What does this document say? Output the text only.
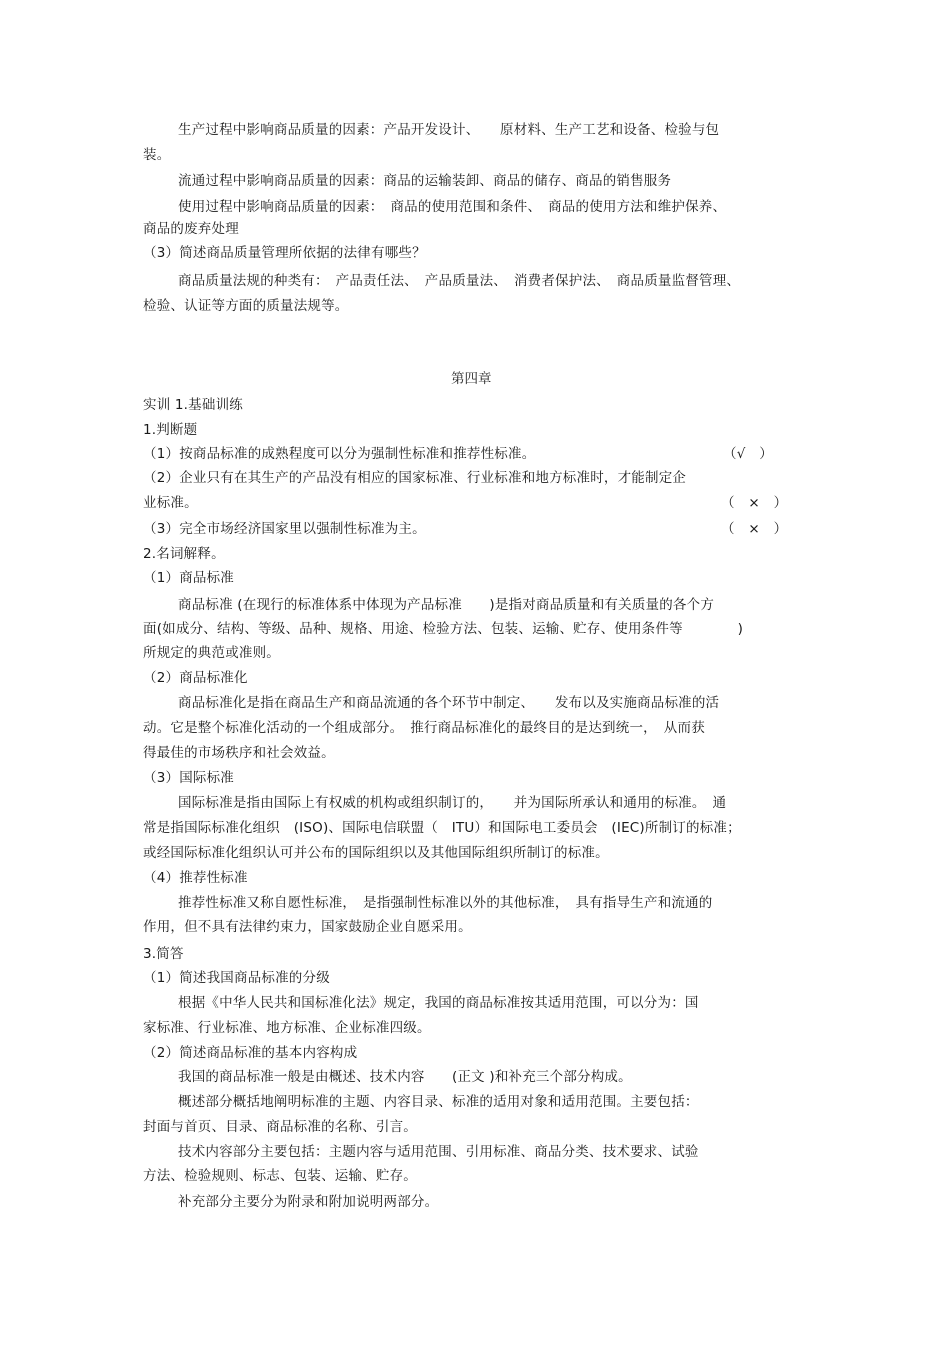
生产过程中影响商品质量的因素：产品开发设计、　　原材料、生产工艺和设备、检验与包
装。
流通过程中影响商品质量的因素：商品的运输装卸、商品的储存、商品的销售服务
使用过程中影响商品质量的因素：　商品的使用范围和条件、　商品的使用方法和维护保养、
商品的废弃处理
（3）简述商品质量管理所依据的法律有哪些？
商品质量法规的种类有：　产品责任法、　产品质量法、　消费者保护法、　商品质量监督管理、
检验、认证等方面的质量法规等。
第四章
实训 1.基础训练
1.判断题
（1）按商品标准的成熟程度可以分为强制性标准和推荐性标准。	（√　）
（2）企业只有在其生产的产品没有相应的国家标准、行业标准和地方标准时，才能制定企
业标准。	（　×　）
（3）完全市场经济国家里以强制性标准为主。	（　×　）
2.名词解释。
（1）商品标准
商品标准 (在现行的标准体系中体现为产品标准　　)是指对商品质量和有关质量的各个方
面(如成分、结构、等级、品种、规格、用途、检验方法、包装、运输、贮存、使用条件等　　　　)
所规定的典范或准则。
（2）商品标准化
商品标准化是指在商品生产和商品流通的各个环节中制定、　　发布以及实施商品标准的活
动。它是整个标准化活动的一个组成部分。　推行商品标准化的最终目的是达到统一，　从而获
得最佳的市场秩序和社会效益。
（3）国际标准
国际标准是指由国际上有权威的机构或组织制订的，　　并为国际所承认和通用的标准。　通
常是指国际标准化组织　(ISO)、国际电信联盟（　ITU）和国际电工委员会　(IEC)所制订的标准；
或经国际标准化组织认可并公布的国际组织以及其他国际组织所制订的标准。
（4）推荐性标准
推荐性标准又称自愿性标准，　是指强制性标准以外的其他标准，　具有指导生产和流通的
作用，但不具有法律约束力，国家鼓励企业自愿采用。
3.简答
（1）简述我国商品标准的分级
根据《中华人民共和国标准化法》规定，我国的商品标准按其适用范围，可以分为：国
家标准、行业标准、地方标准、企业标准四级。
（2）简述商品标准的基本内容构成
我国的商品标准一般是由概述、技术内容　　(正文 )和补充三个部分构成。
概述部分概括地阐明标准的主题、内容目录、标准的适用对象和适用范围。主要包括：
封面与首页、目录、商品标准的名称、引言。
技术内容部分主要包括：主题内容与适用范围、引用标准、商品分类、技术要求、试验
方法、检验规则、标志、包装、运输、贮存。
补充部分主要分为附录和附加说明两部分。
